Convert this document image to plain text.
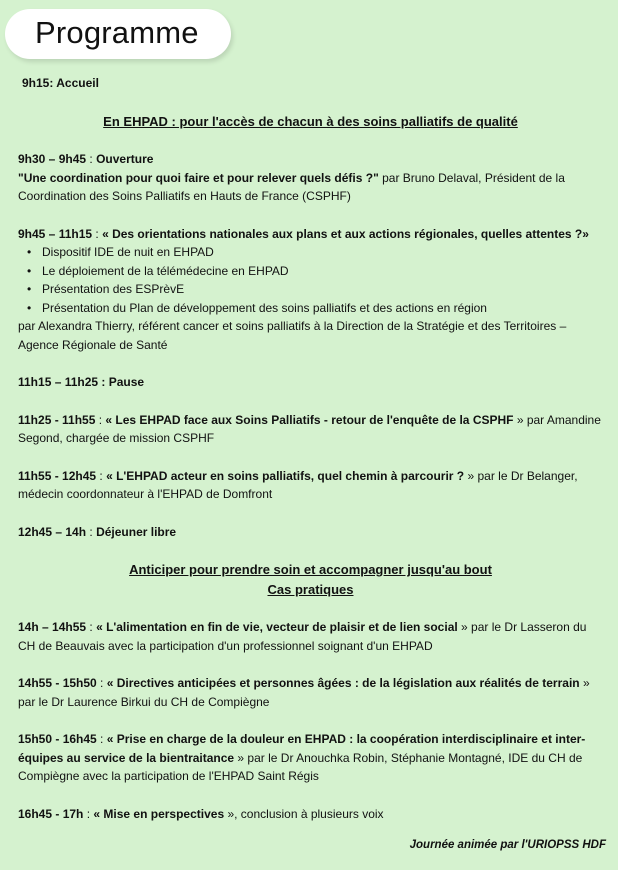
Programme

9h15: Accueil

En EHPAD : pour l'accès de chacun à des soins palliatifs de qualité

9h30 – 9h45 : Ouverture
"Une coordination pour quoi faire et pour relever quels défis ?" par Bruno Delaval, Président de la Coordination des Soins Palliatifs en Hauts de France (CSPHF)

9h45 – 11h15 : « Des orientations nationales aux plans et aux actions régionales, quelles attentes ?»

• Dispositif IDE de nuit en EHPAD
• Le déploiement de la télémédecine en EHPAD
• Présentation des ESPrèvE
• Présentation du Plan de développement des soins palliatifs et des actions en région

par Alexandra Thierry, référent cancer et soins palliatifs à la Direction de la Stratégie et des Territoires – Agence Régionale de Santé

11h15 – 11h25 : Pause

11h25 - 11h55 : « Les EHPAD face aux Soins Palliatifs - retour de l'enquête de la CSPHF » par Amandine Segond, chargée de mission CSPHF

11h55 - 12h45 : « L'EHPAD acteur en soins palliatifs, quel chemin à parcourir ? » par le Dr Belanger, médecin coordonnateur à l'EHPAD de Domfront

12h45 – 14h : Déjeuner libre

Anticiper pour prendre soin et accompagner jusqu'au bout

Cas pratiques

14h – 14h55 : « L'alimentation en fin de vie, vecteur de plaisir et de lien social » par le Dr Lasseron du CH de Beauvais avec la participation d'un professionnel soignant d'un EHPAD

14h55 - 15h50 : « Directives anticipées et personnes âgées : de la législation aux réalités de terrain » par le Dr Laurence Birkui du CH de Compiègne

15h50 - 16h45 : « Prise en charge de la douleur en EHPAD : la coopération interdisciplinaire et inter-équipes au service de la bientraitance » par le Dr Anouchka Robin, Stéphanie Montagné, IDE du CH de Compiègne avec la participation de l'EHPAD Saint Régis

16h45 - 17h : « Mise en perspectives », conclusion à plusieurs voix

Journée animée par l'URIOPSS HDF
